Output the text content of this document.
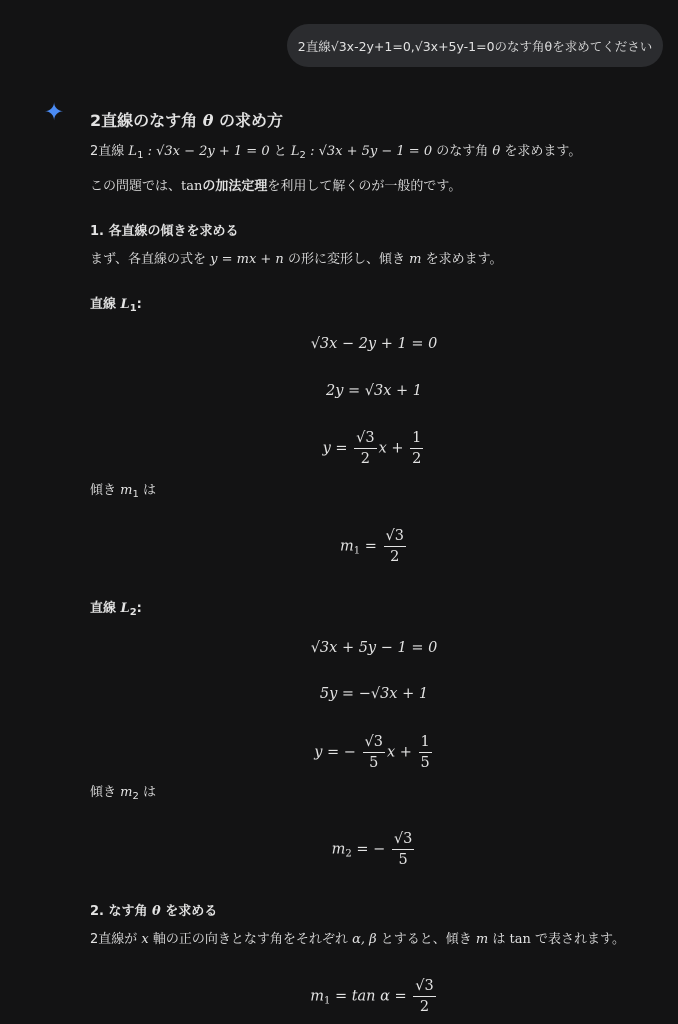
2直線√3x-2y+1=0,√3x+5y-1=0のなす角θを求めてください
✦ 2直線のなす角 θ の求め方
2直線 $L_1$ : √3x − 2y + 1 = 0 と $L_2$ : √3x + 5y − 1 = 0 のなす角 θ を求めます。
この問題では、tanの加法定理を利用して解くのが一般的です。
1. 各直線の傾きを求める
まず、各直線の式を y = mx + n の形に変形し、傾き m を求めます。
直線 $L_1$:
√3x − 2y + 1 = 0
2y = √3x + 1
$y = \frac{√3}{2}$ $x + \frac{1}{2}$
傾き $m_1$ は
$m_1 = \frac{√3}{2}$
直線 $L_2$:
√3x + 5y − 1 = 0
5y = −√3x + 1
y = − $\frac{√3}{5}$ $x + \frac{1}{5}$
傾き $m_2$ は
$m_2$ = − $\frac{√3}{5}$
2. なす角 θ を求める
2直線が x 軸の正の向きとなす角をそれぞれ α, β とすると、傾き m は tan で表されます。
$m_1 = \tan \alpha = \frac{√3}{2}$
